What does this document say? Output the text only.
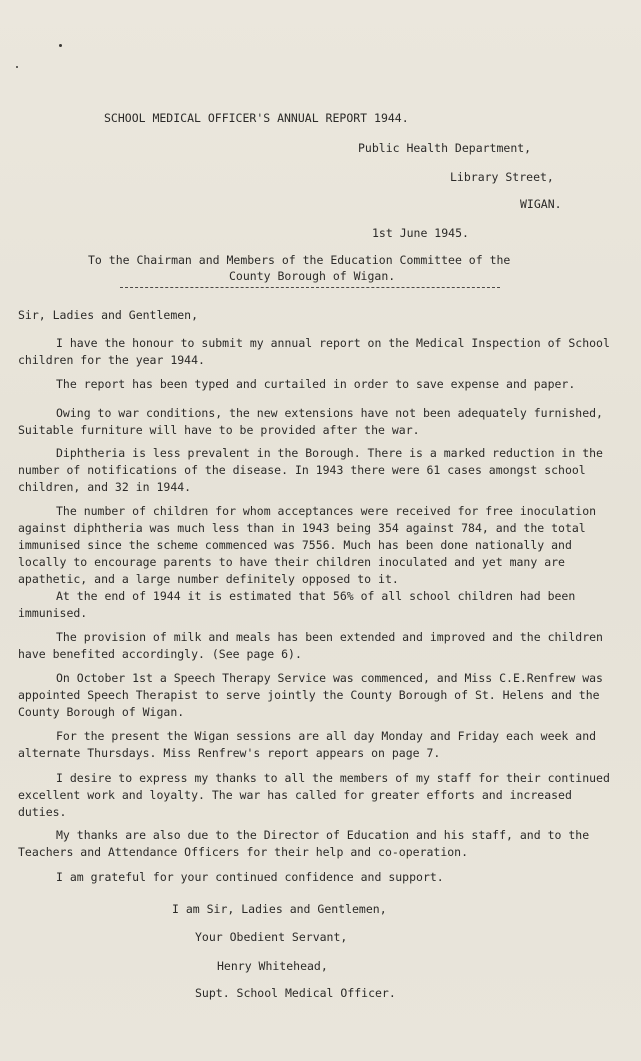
SCHOOL MEDICAL OFFICER'S ANNUAL REPORT 1944.
Public Health Department,
Library Street,
WIGAN.
1st June 1945.
To the Chairman and Members of the Education Committee of the
County Borough of Wigan.
Sir, Ladies and Gentlemen,
I have the honour to submit my annual report on the Medical Inspection of School children for the year 1944.
The report has been typed and curtailed in order to save expense and paper.
Owing to war conditions, the new extensions have not been adequately furnished, Suitable furniture will have to be provided after the war.
Diphtheria is less prevalent in the Borough. There is a marked reduction in the number of notifications of the disease. In 1943 there were 61 cases amongst school children, and 32 in 1944.
The number of children for whom acceptances were received for free inoculation against diphtheria was much less than in 1943 being 354 against 784, and the total immunised since the scheme commenced was 7556. Much has been done nationally and locally to encourage parents to have their children inoculated and yet many are apathetic, and a large number definitely opposed to it.
At the end of 1944 it is estimated that 56% of all school children had been immunised.
The provision of milk and meals has been extended and improved and the children have benefited accordingly. (See page 6).
On October 1st a Speech Therapy Service was commenced, and Miss C.E.Renfrew was appointed Speech Therapist to serve jointly the County Borough of St. Helens and the County Borough of Wigan.
For the present the Wigan sessions are all day Monday and Friday each week and alternate Thursdays. Miss Renfrew's report appears on page 7.
I desire to express my thanks to all the members of my staff for their continued excellent work and loyalty. The war has called for greater efforts and increased duties.
My thanks are also due to the Director of Education and his staff, and to the Teachers and Attendance Officers for their help and co-operation.
I am grateful for your continued confidence and support.
I am Sir, Ladies and Gentlemen,
Your Obedient Servant,
Henry Whitehead,
Supt. School Medical Officer.
